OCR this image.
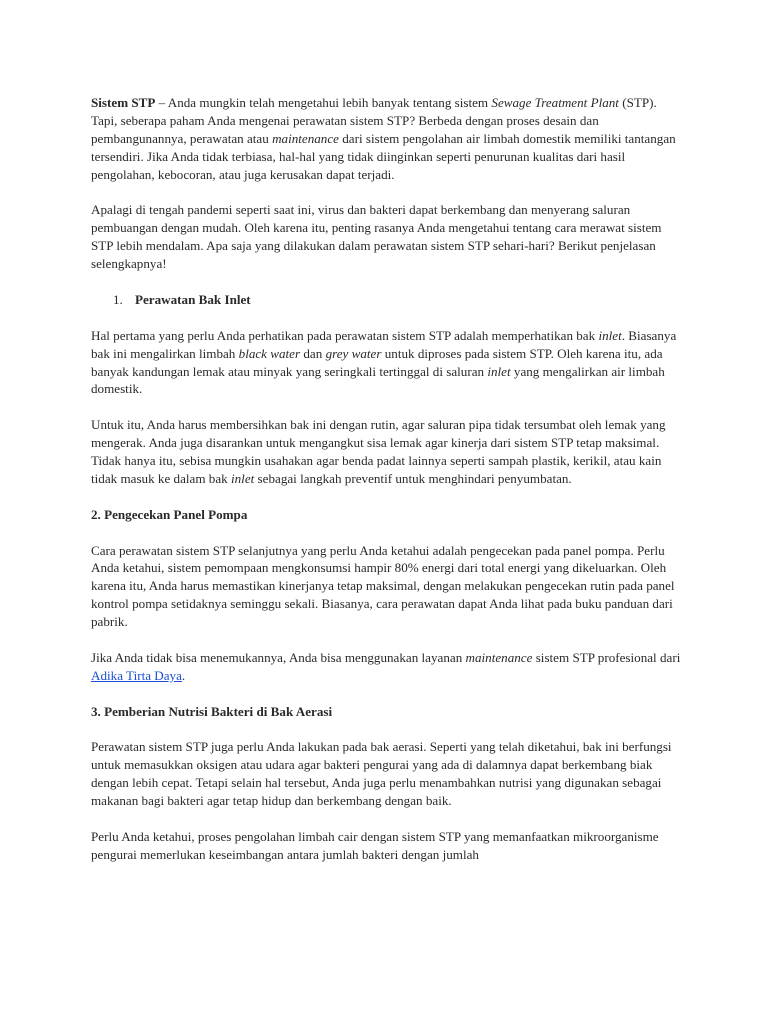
Sistem STP – Anda mungkin telah mengetahui lebih banyak tentang sistem Sewage Treatment Plant (STP). Tapi, seberapa paham Anda mengenai perawatan sistem STP? Berbeda dengan proses desain dan pembangunannya, perawatan atau maintenance dari sistem pengolahan air limbah domestik memiliki tantangan tersendiri. Jika Anda tidak terbiasa, hal-hal yang tidak diinginkan seperti penurunan kualitas dari hasil pengolahan, kebocoran, atau juga kerusakan dapat terjadi.

Apalagi di tengah pandemi seperti saat ini, virus dan bakteri dapat berkembang dan menyerang saluran pembuangan dengan mudah. Oleh karena itu, penting rasanya Anda mengetahui tentang cara merawat sistem STP lebih mendalam. Apa saja yang dilakukan dalam perawatan sistem STP sehari-hari? Berikut penjelasan selengkapnya!

1. Perawatan Bak Inlet

Hal pertama yang perlu Anda perhatikan pada perawatan sistem STP adalah memperhatikan bak inlet. Biasanya bak ini mengalirkan limbah black water dan grey water untuk diproses pada sistem STP. Oleh karena itu, ada banyak kandungan lemak atau minyak yang seringkali tertinggal di saluran inlet yang mengalirkan air limbah domestik.

Untuk itu, Anda harus membersihkan bak ini dengan rutin, agar saluran pipa tidak tersumbat oleh lemak yang mengerak. Anda juga disarankan untuk mengangkut sisa lemak agar kinerja dari sistem STP tetap maksimal. Tidak hanya itu, sebisa mungkin usahakan agar benda padat lainnya seperti sampah plastik, kerikil, atau kain tidak masuk ke dalam bak inlet sebagai langkah preventif untuk menghindari penyumbatan.

2. Pengecekan Panel Pompa

Cara perawatan sistem STP selanjutnya yang perlu Anda ketahui adalah pengecekan pada panel pompa. Perlu Anda ketahui, sistem pemompaan mengkonsumsi hampir 80% energi dari total energi yang dikeluarkan. Oleh karena itu, Anda harus memastikan kinerjanya tetap maksimal, dengan melakukan pengecekan rutin pada panel kontrol pompa setidaknya seminggu sekali. Biasanya, cara perawatan dapat Anda lihat pada buku panduan dari pabrik.

Jika Anda tidak bisa menemukannya, Anda bisa menggunakan layanan maintenance sistem STP profesional dari Adika Tirta Daya.

3. Pemberian Nutrisi Bakteri di Bak Aerasi

Perawatan sistem STP juga perlu Anda lakukan pada bak aerasi. Seperti yang telah diketahui, bak ini berfungsi untuk memasukkan oksigen atau udara agar bakteri pengurai yang ada di dalamnya dapat berkembang biak dengan lebih cepat. Tetapi selain hal tersebut, Anda juga perlu menambahkan nutrisi yang digunakan sebagai makanan bagi bakteri agar tetap hidup dan berkembang dengan baik.

Perlu Anda ketahui, proses pengolahan limbah cair dengan sistem STP yang memanfaatkan mikroorganisme pengurai memerlukan keseimbangan antara jumlah bakteri dengan jumlah
